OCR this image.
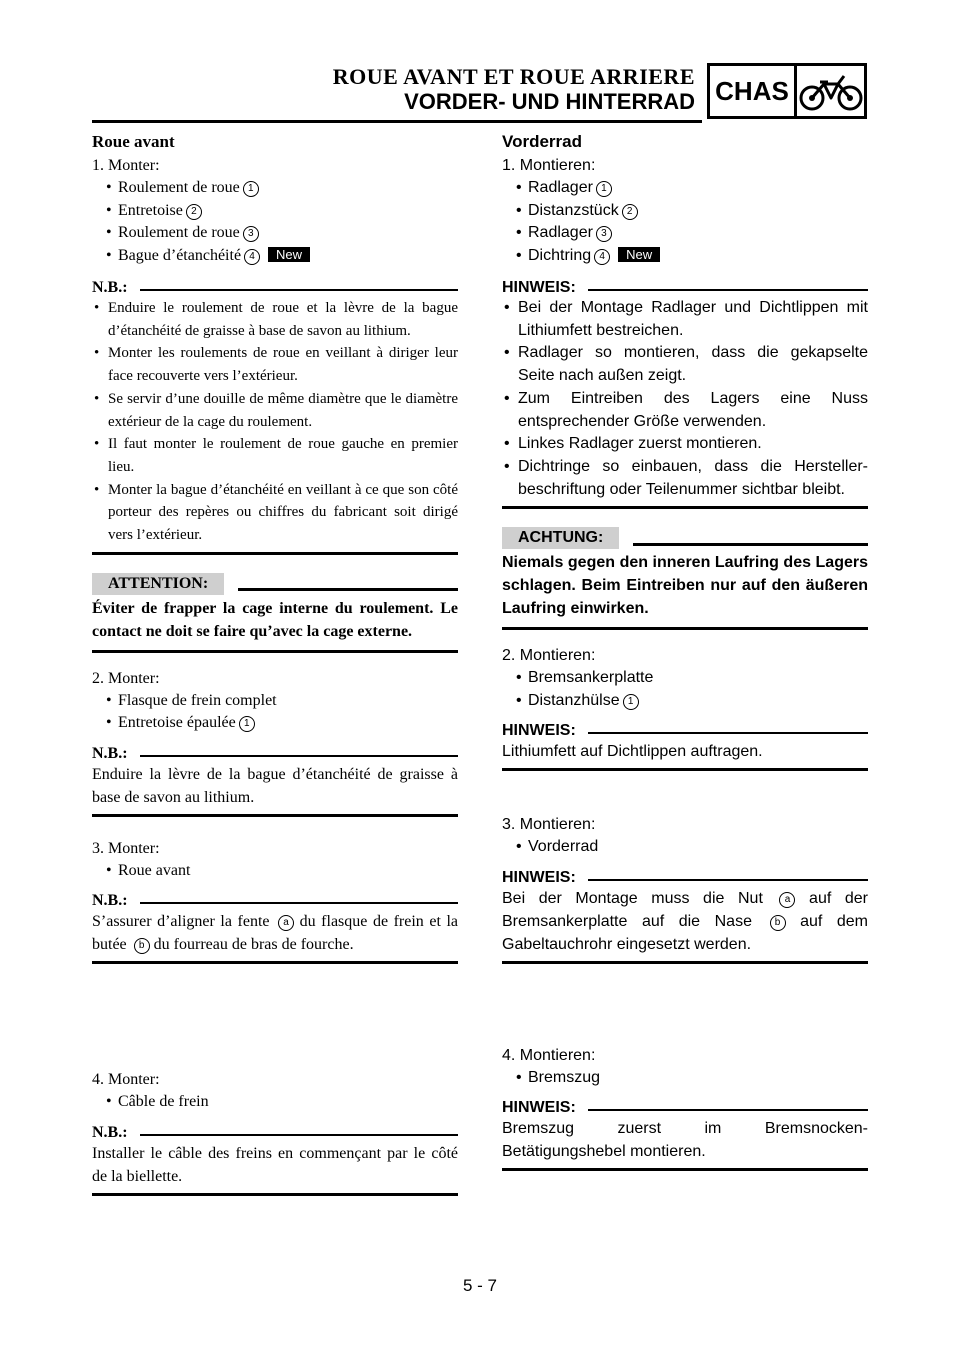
ROUE AVANT ET ROUE ARRIERE
VORDER- UND HINTERRAD CHAS

Roue avant

1. Monter:

• Roulement de roue 1
• Entretoise 2
• Roulement de roue 3
• Bague d’étanchéité 4 New
N.B.:
• Enduire le roulement de roue et la lèvre de la bague d’étanchéité de graisse à base de savon au lithium.
• Monter les roulements de roue en veillant à diriger leur face recouverte vers l’extérieur.
• Se servir d’une douille de même diamètre que le diamètre extérieur de la cage du roulement.
• Il faut monter le roulement de roue gauche en premier lieu.
• Monter la bague d’étanchéité en veillant à ce que son côté porteur des repères ou chiffres du fabricant soit dirigé vers l’extérieur.
ATTENTION:
Éviter de frapper la cage interne du roulement. Le contact ne doit se faire qu’avec la cage externe.

2. Monter:

• Flasque de frein complet
• Entretoise épaulée 1
N.B.:
Enduire la lèvre de la bague d’étanchéité de graisse à base de savon au lithium.

3. Monter:

• Roue avant
N.B.:
S’assurer d’aligner la fente a du flasque de frein et la butée b du fourreau de bras de fourche.

4. Monter:

• Câble de frein
N.B.:
Installer le câble des freins en commençant par le côté de la biellette.

Vorderrad

1. Montieren:

• Radlager 1
• Distanzstück 2
• Radlager 3
• Dichtring 4 New
HINWEIS:
• Bei der Montage Radlager und Dichtlippen mit Lithiumfett bestreichen.
• Radlager so montieren, dass die gekapselte Seite nach außen zeigt.
• Zum Eintreiben des Lagers eine Nuss entsprechender Größe verwenden.
• Linkes Radlager zuerst montieren.
• Dichtringe so einbauen, dass die Hersteller-beschriftung oder Teilenummer sichtbar bleibt.
ACHTUNG:
Niemals gegen den inneren Laufring des Lagers schlagen. Beim Eintreiben nur auf den äußeren Laufring einwirken.

2. Montieren:

• Bremsankerplatte
• Distanzhülse 1
HINWEIS:
Lithiumfett auf Dichtlippen auftragen.

3. Montieren:

• Vorderrad
HINWEIS:
Bei der Montage muss die Nut a auf der Bremsankerplatte auf die Nase b auf dem Gabeltauchrohr eingesetzt werden.

4. Montieren:

• Bremszug
HINWEIS:
Bremszug zuerst im Bremsnocken-Betätigungshebel montieren.
5 - 7
